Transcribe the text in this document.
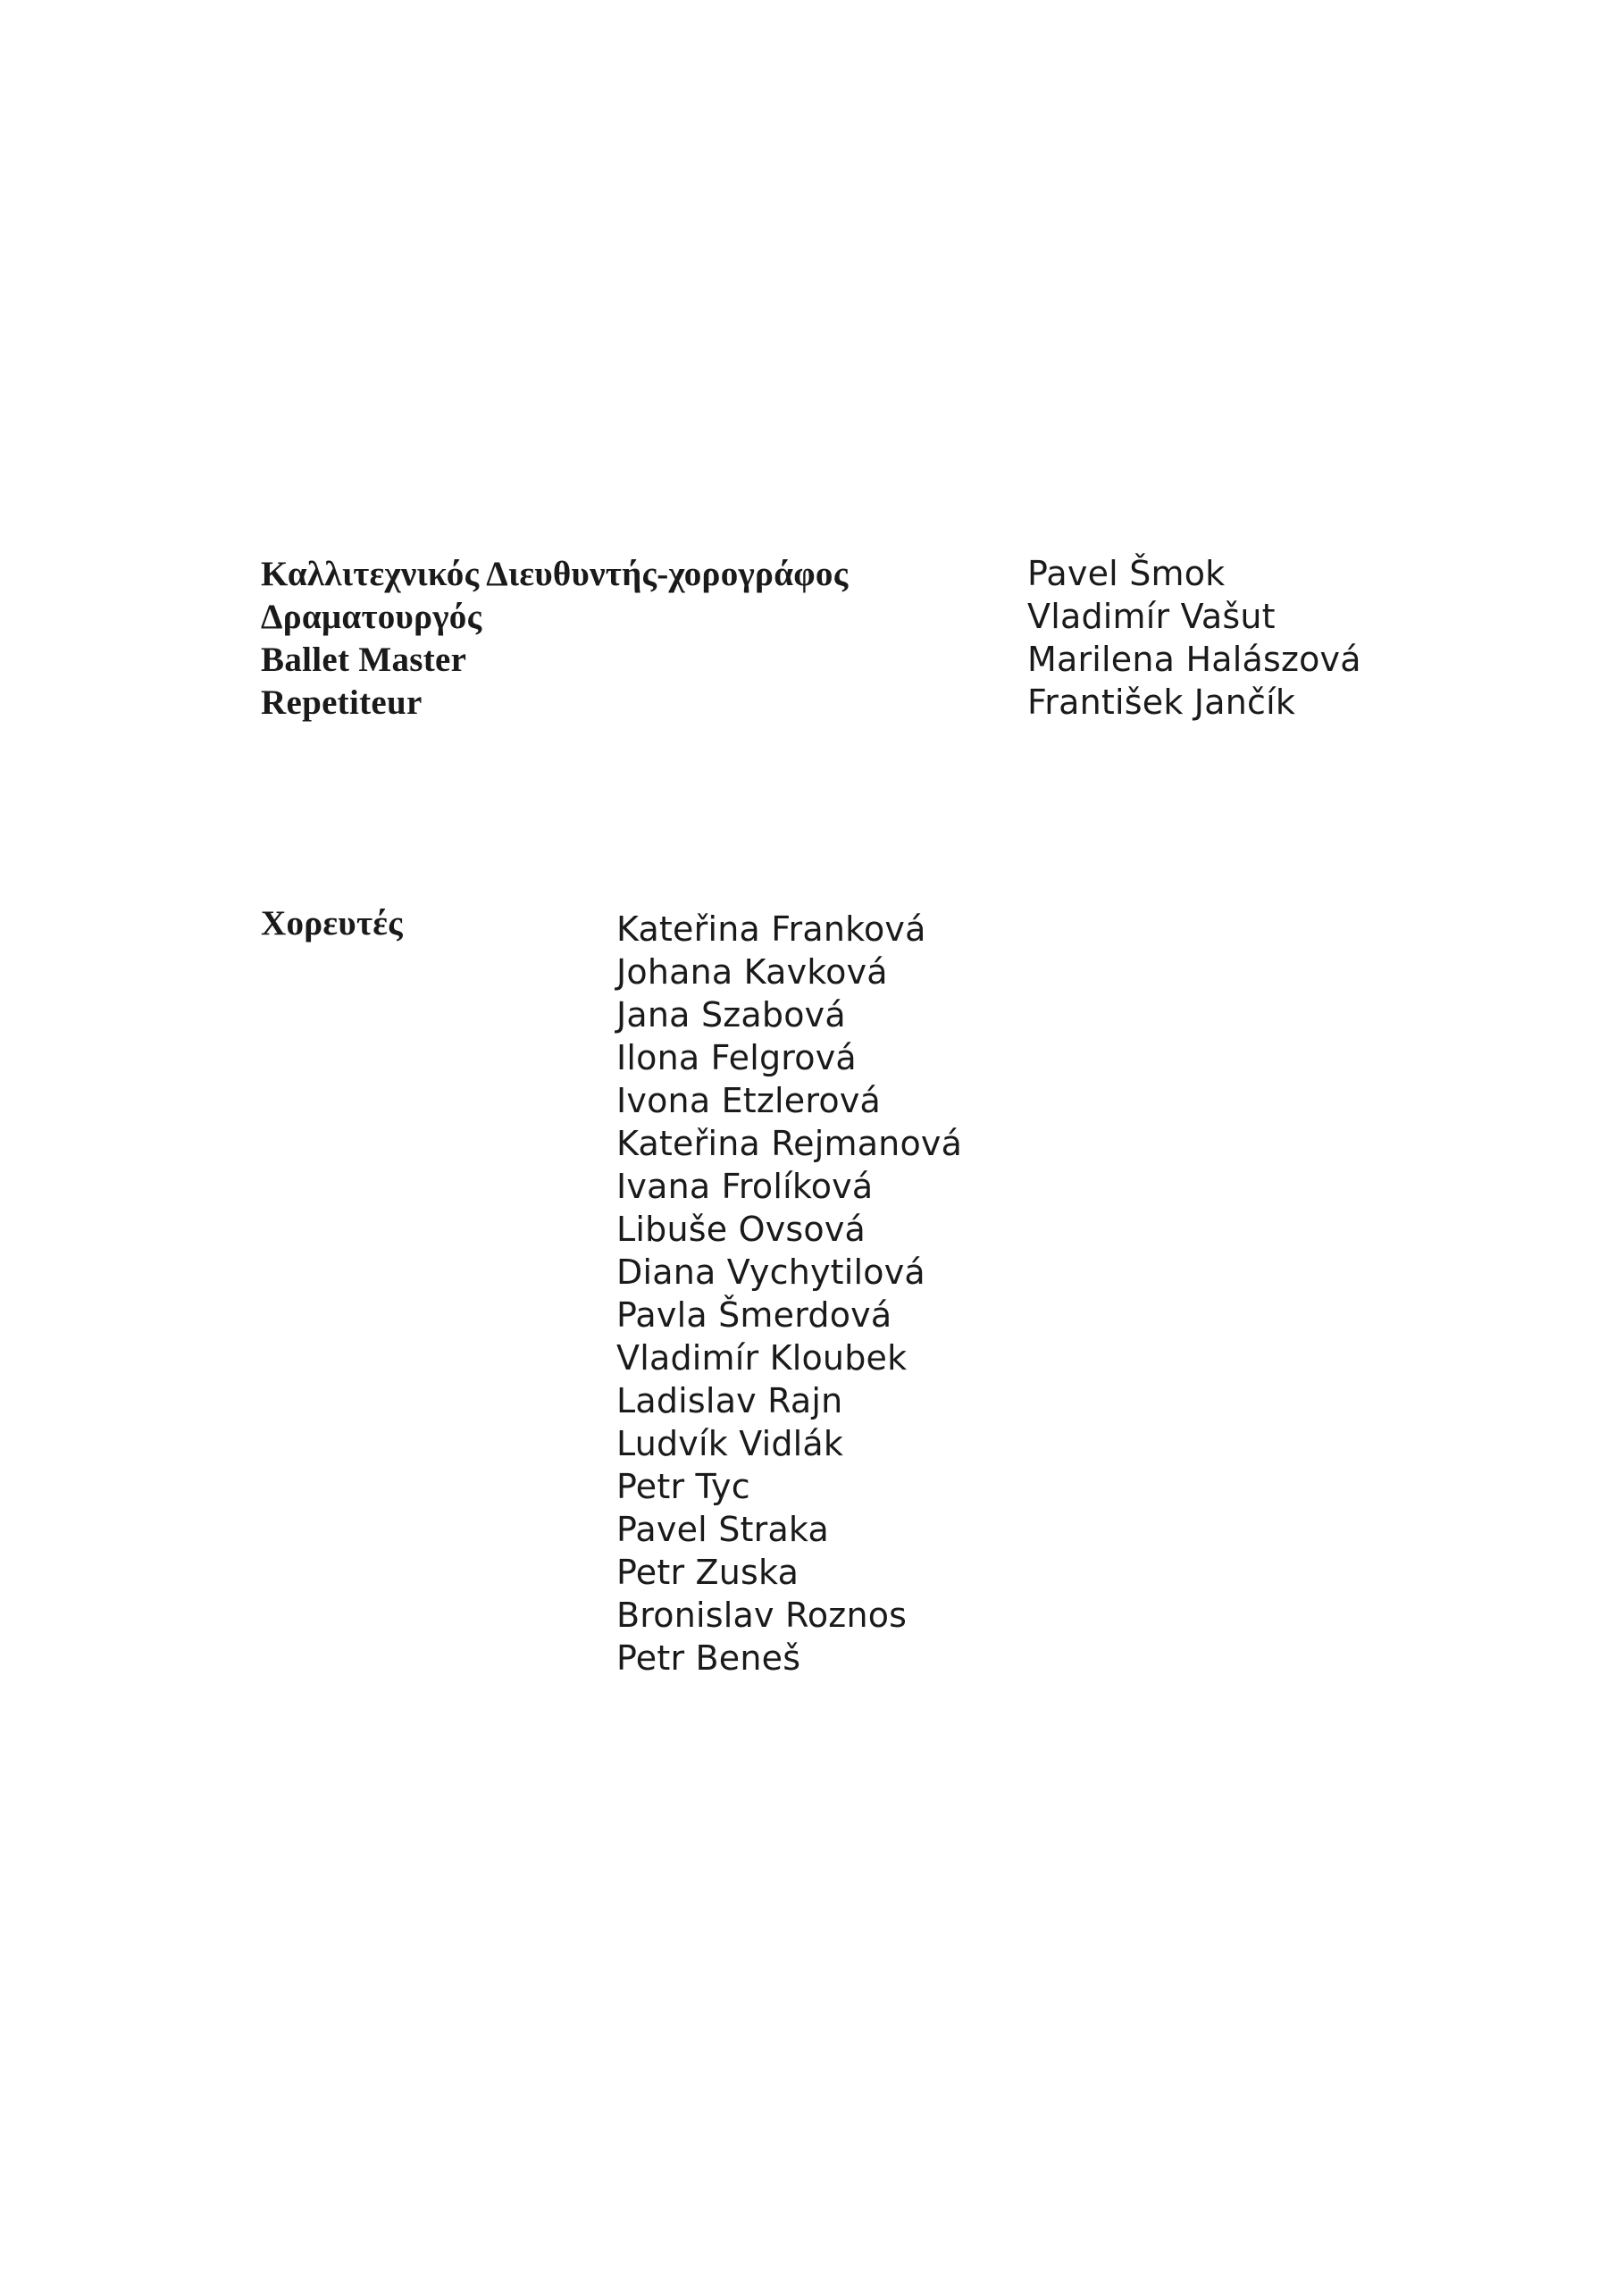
Καλλιτεχνικός Διευθυντής-χορογράφος	Pavel Šmok
Δραματουργός	Vladimír Vašut
Ballet Master	Marilena Halászová
Repetiteur	František Jančík
Χορευτές	Kateřina Franková
Johana Kavková
Jana Szabová
Ilona Felgrová
Ivona Etzlerová
Kateřina Rejmanová
Ivana Frolíková
Libuše Ovsová
Diana Vychytilová
Pavla Šmerdová
Vladimír Kloubek
Ladislav Rajn
Ludvík Vidlák
Petr Tyc
Pavel Straka
Petr Zuska
Bronislav Roznos
Petr Beneš
